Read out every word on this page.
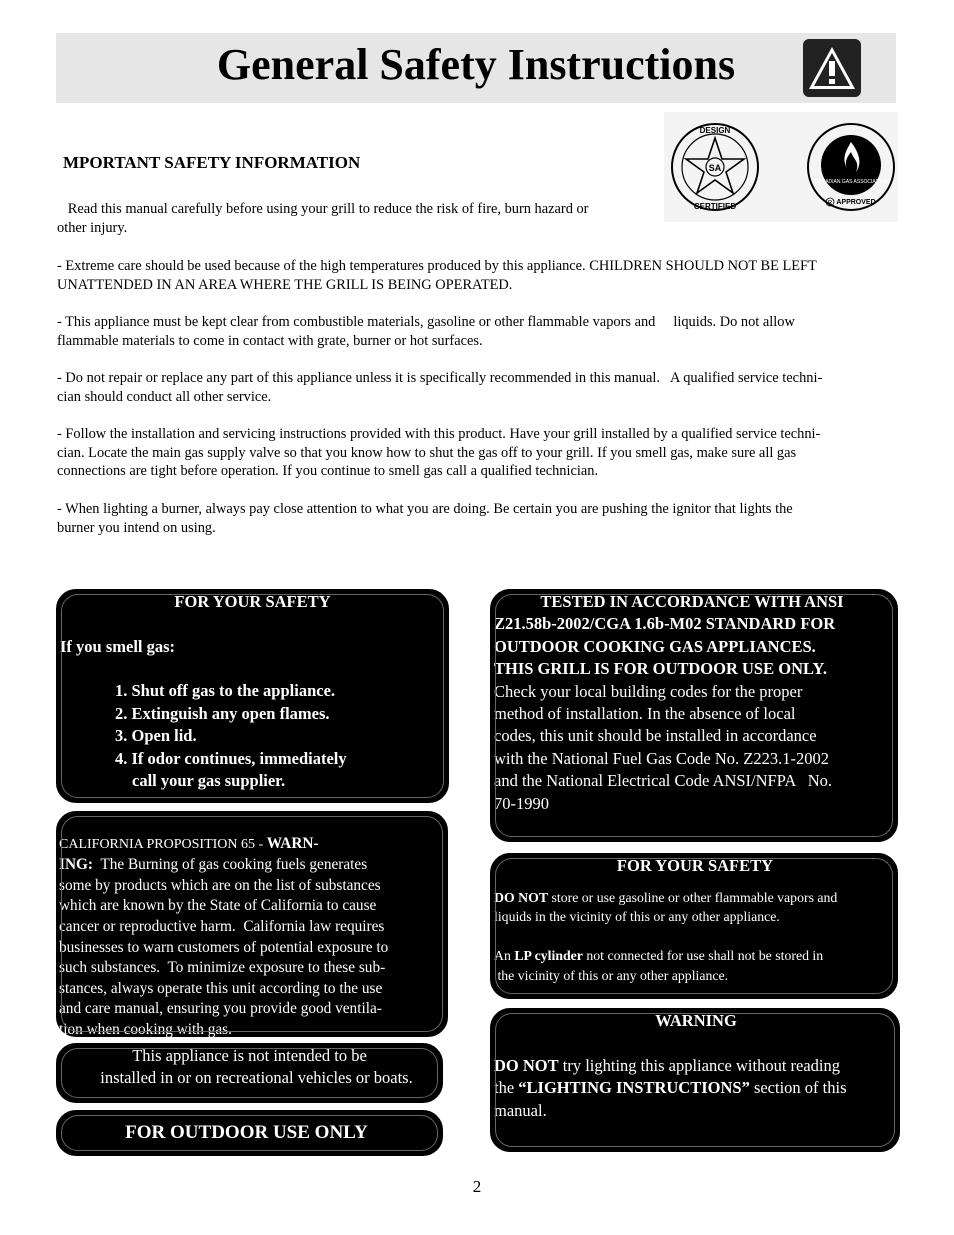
General Safety Instructions
SA
DESIGN
CERTIFIED
CANADIAN GAS ASSOCIATION
APPROVED
R
MPORTANT SAFETY INFORMATION

Read this manual carefully before using your grill to reduce the risk of fire, burn hazard or
other injury.

- Extreme care should be used because of the high temperatures produced by this appliance. CHILDREN SHOULD NOT BE LEFT
UNATTENDED IN AN AREA WHERE THE GRILL IS BEING OPERATED.

- This appliance must be kept clear from combustible materials, gasoline or other flammable vapors and     liquids. Do not allow
flammable materials to come in contact with grate, burner or hot surfaces.

- Do not repair or replace any part of this appliance unless it is specifically recommended in this manual.   A qualified service techni-
cian should conduct all other service.

- Follow the installation and servicing instructions provided with this product. Have your grill installed by a qualified service techni-
cian. Locate the main gas supply valve so that you know how to shut the gas off to your grill. If you smell gas, make sure all gas
connections are tight before operation. If you continue to smell gas call a qualified technician.

- When lighting a burner, always pay close attention to what you are doing. Be certain you are pushing the ignitor that lights the
burner you intend on using.

FOR YOUR SAFETY

If you smell gas:

1. Shut off gas to the appliance.
2. Extinguish any open flames.
3. Open lid.
4. If odor continues, immediately
call your gas supplier.

CALIFORNIA PROPOSITION 65 - WARN-
ING:  The Burning of gas cooking fuels generates
some by products which are on the list of substances
which are known by the State of California to cause
cancer or reproductive harm.  California law requires
businesses to warn customers of potential exposure to
such substances.  To minimize exposure to these sub-
stances, always operate this unit according to the use
and care manual, ensuring you provide good ventila-
tion when cooking with gas.
This appliance is not intended to be
installed in or on recreational vehicles or boats.
FOR OUTDOOR USE ONLY
TESTED IN ACCORDANCE WITH ANSI
Z21.58b-2002/CGA 1.6b-M02 STANDARD FOR
OUTDOOR COOKING GAS APPLIANCES.
THIS GRILL IS FOR OUTDOOR USE ONLY.
Check your local building codes for the proper
method of installation. In the absence of local
codes, this unit should be installed in accordance
with the National Fuel Gas Code No. Z223.1-2002
and the National Electrical Code ANSI/NFPA   No.
70-1990

FOR YOUR SAFETY

DO NOT store or use gasoline or other flammable vapors and
liquids in the vicinity of this or any other appliance.

An LP cylinder not connected for use shall not be stored in
the vicinity of this or any other appliance.
WARNING

DO NOT try lighting this appliance without reading
the “LIGHTING INSTRUCTIONS” section of this
manual.
2
